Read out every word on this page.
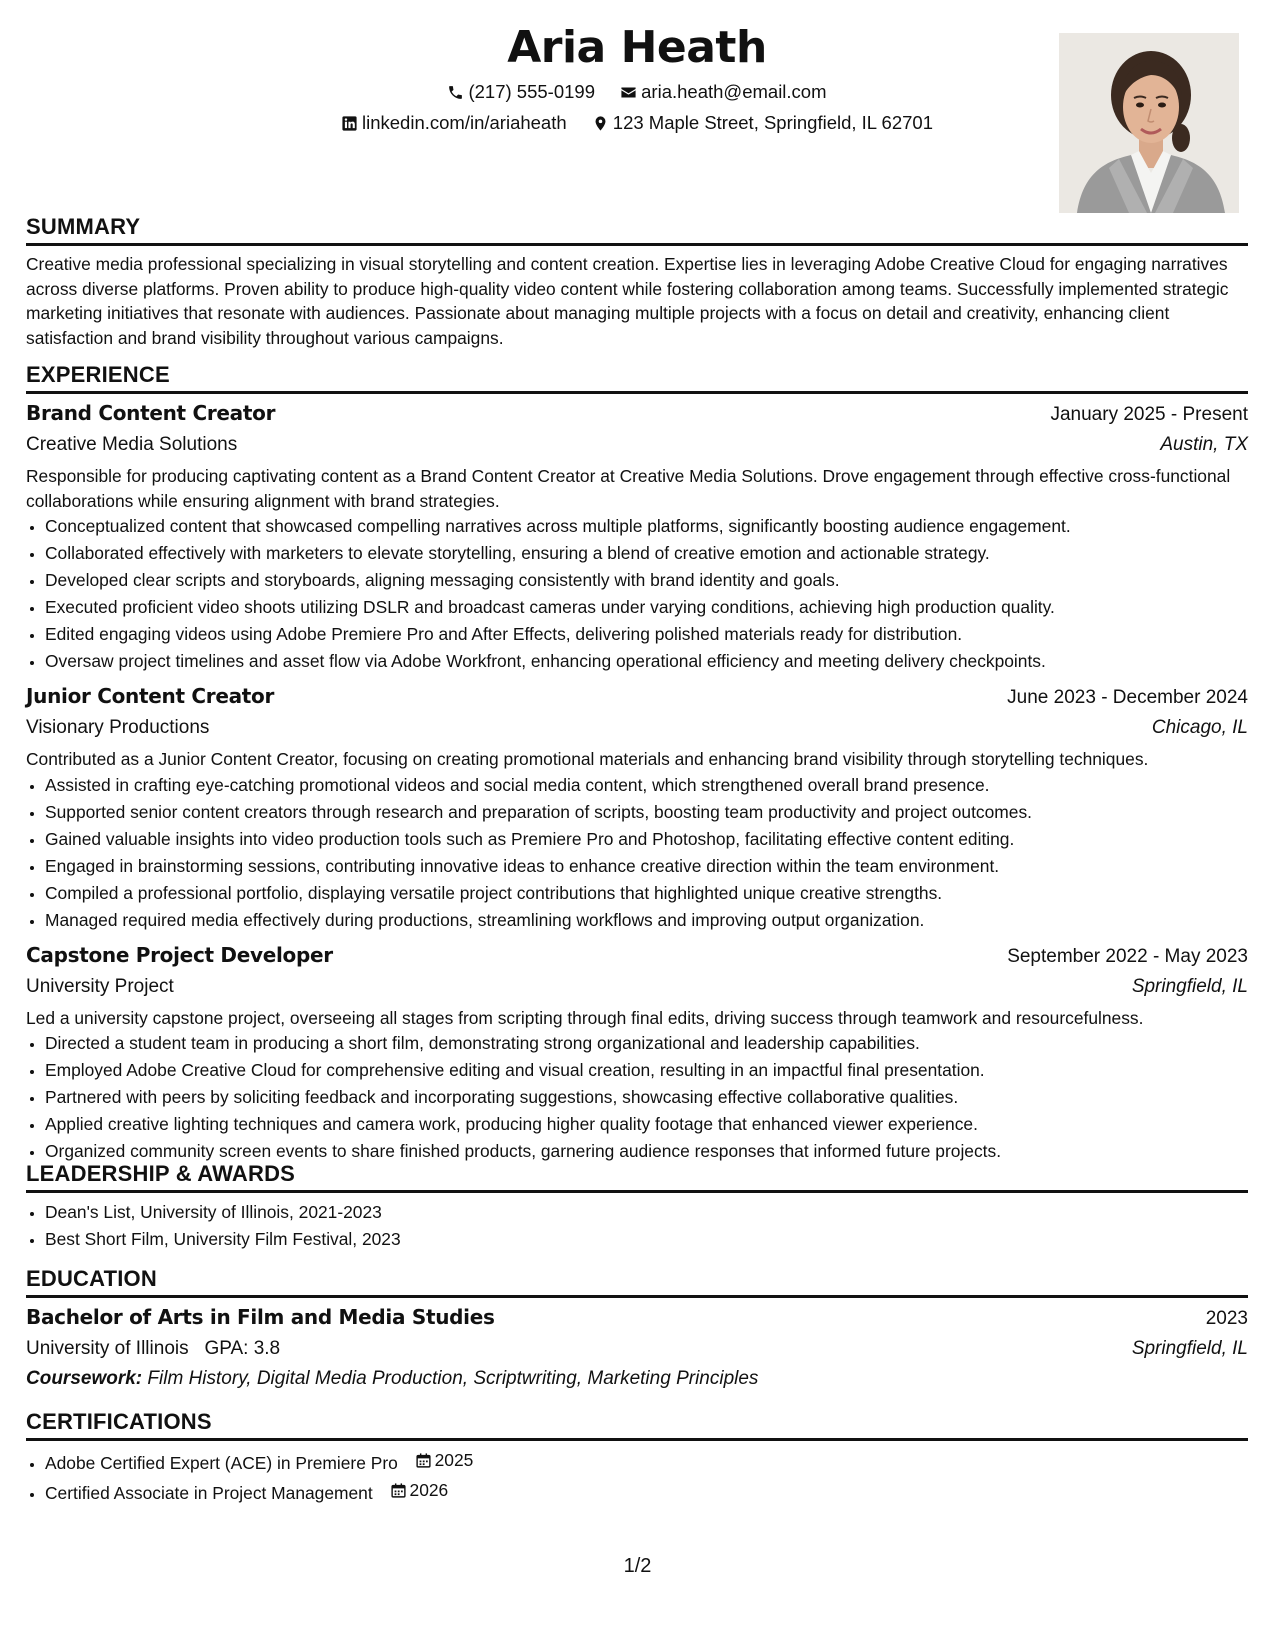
Aria Heath
(217) 555-0199
aria.heath@email.com
linkedin.com/in/ariaheath
123 Maple Street, Springfield, IL 62701
SUMMARY
Creative media professional specializing in visual storytelling and content creation. Expertise lies in leveraging Adobe Creative Cloud for engaging narratives across diverse platforms. Proven ability to produce high-quality video content while fostering collaboration among teams. Successfully implemented strategic marketing initiatives that resonate with audiences. Passionate about managing multiple projects with a focus on detail and creativity, enhancing client satisfaction and brand visibility throughout various campaigns.
EXPERIENCE
Brand Content Creator	January 2025 - Present
Creative Media Solutions	Austin, TX
Responsible for producing captivating content as a Brand Content Creator at Creative Media Solutions. Drove engagement through effective cross-functional collaborations while ensuring alignment with brand strategies.
• Conceptualized content that showcased compelling narratives across multiple platforms, significantly boosting audience engagement.
• Collaborated effectively with marketers to elevate storytelling, ensuring a blend of creative emotion and actionable strategy.
• Developed clear scripts and storyboards, aligning messaging consistently with brand identity and goals.
• Executed proficient video shoots utilizing DSLR and broadcast cameras under varying conditions, achieving high production quality.
• Edited engaging videos using Adobe Premiere Pro and After Effects, delivering polished materials ready for distribution.
• Oversaw project timelines and asset flow via Adobe Workfront, enhancing operational efficiency and meeting delivery checkpoints.
Junior Content Creator	June 2023 - December 2024
Visionary Productions	Chicago, IL
Contributed as a Junior Content Creator, focusing on creating promotional materials and enhancing brand visibility through storytelling techniques.
• Assisted in crafting eye-catching promotional videos and social media content, which strengthened overall brand presence.
• Supported senior content creators through research and preparation of scripts, boosting team productivity and project outcomes.
• Gained valuable insights into video production tools such as Premiere Pro and Photoshop, facilitating effective content editing.
• Engaged in brainstorming sessions, contributing innovative ideas to enhance creative direction within the team environment.
• Compiled a professional portfolio, displaying versatile project contributions that highlighted unique creative strengths.
• Managed required media effectively during productions, streamlining workflows and improving output organization.
Capstone Project Developer	September 2022 - May 2023
University Project	Springfield, IL
Led a university capstone project, overseeing all stages from scripting through final edits, driving success through teamwork and resourcefulness.
• Directed a student team in producing a short film, demonstrating strong organizational and leadership capabilities.
• Employed Adobe Creative Cloud for comprehensive editing and visual creation, resulting in an impactful final presentation.
• Partnered with peers by soliciting feedback and incorporating suggestions, showcasing effective collaborative qualities.
• Applied creative lighting techniques and camera work, producing higher quality footage that enhanced viewer experience.
• Organized community screen events to share finished products, garnering audience responses that informed future projects.
LEADERSHIP & AWARDS
• Dean's List, University of Illinois, 2021-2023
• Best Short Film, University Film Festival, 2023
EDUCATION
Bachelor of Arts in Film and Media Studies	2023
University of Illinois   GPA: 3.8	Springfield, IL
Coursework: Film History, Digital Media Production, Scriptwriting, Marketing Principles
CERTIFICATIONS
• Adobe Certified Expert (ACE) in Premiere Pro 2025
• Certified Associate in Project Management 2026
1/2
